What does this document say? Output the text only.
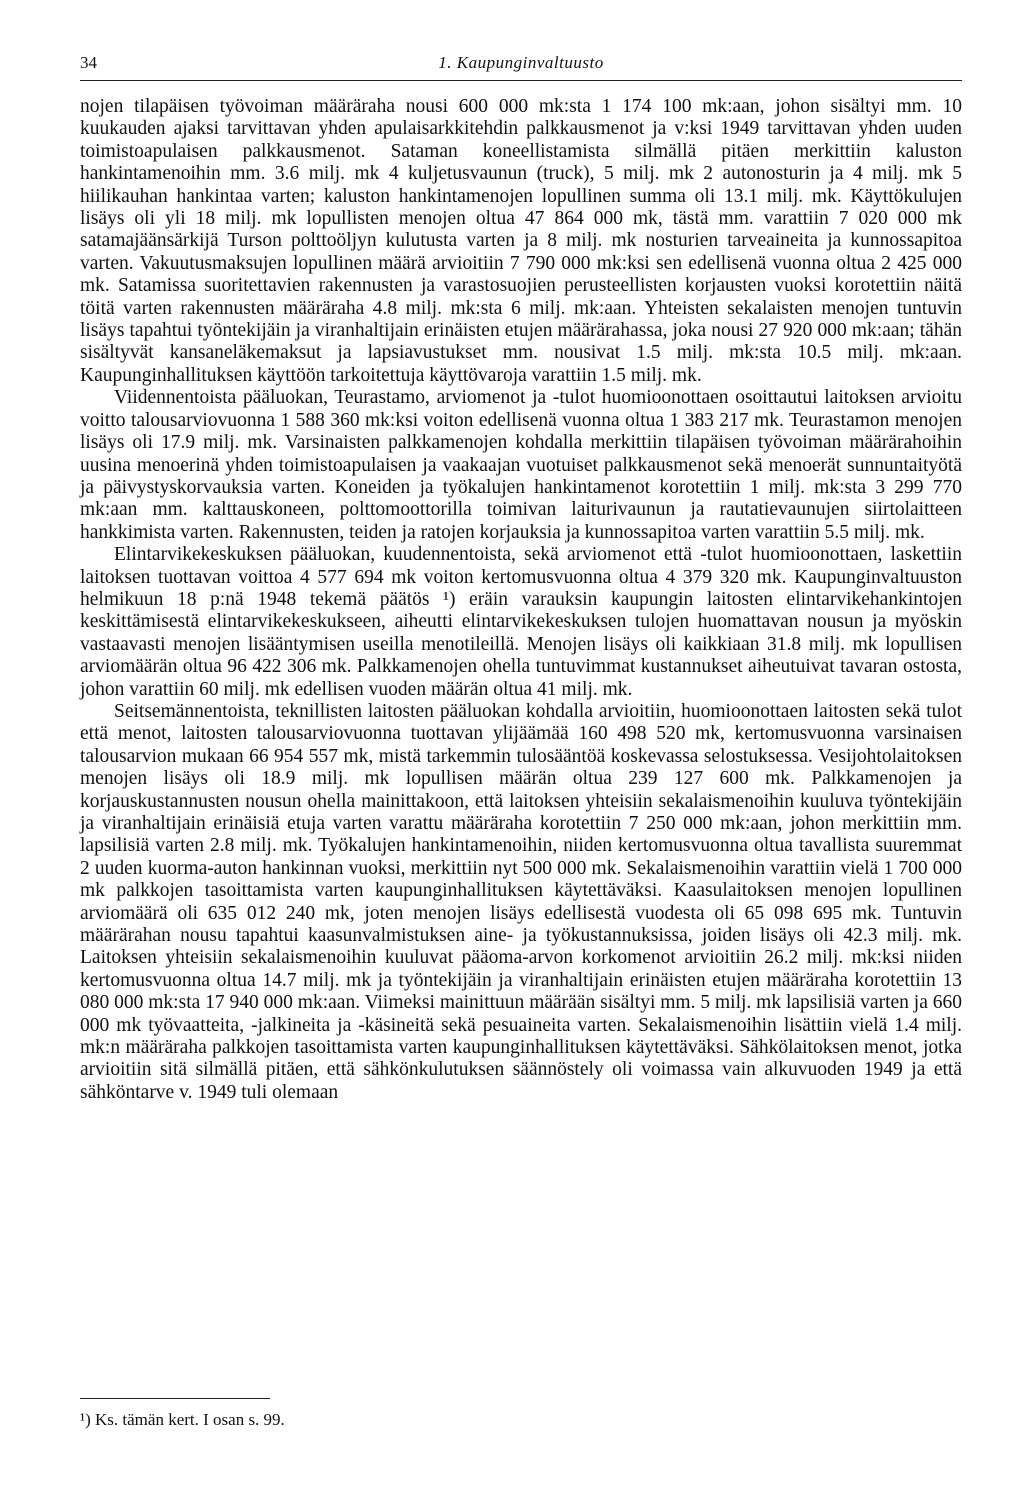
34	1. Kaupunginvaltuusto

nojen tilapäisen työvoiman määräraha nousi 600 000 mk:sta 1 174 100 mk:aan, johon sisältyi mm. 10 kuukauden ajaksi tarvittavan yhden apulaisarkkitehdin palkkausmenot ja v:ksi 1949 tarvittavan yhden uuden toimistoapulaisen palkkausmenot. Sataman koneellistamista silmällä pitäen merkittiin kaluston hankintamenoihin mm. 3.6 milj. mk 4 kuljetusvaunun (truck), 5 milj. mk 2 autonosturin ja 4 milj. mk 5 hiilikauhan hankintaa varten; kaluston hankintamenojen lopullinen summa oli 13.1 milj. mk. Käyttökulujen lisäys oli yli 18 milj. mk lopullisten menojen oltua 47 864 000 mk, tästä mm. varattiin 7 020 000 mk satamajäänsärkijä Turson polttoöljyn kulutusta varten ja 8 milj. mk nosturien tarveaineita ja kunnossapitoa varten. Vakuutusmaksujen lopullinen määrä arvioitiin 7 790 000 mk:ksi sen edellisenä vuonna oltua 2 425 000 mk. Satamissa suoritettavien rakennusten ja varastosuojien perusteellisten korjausten vuoksi korotettiin näitä töitä varten rakennusten määräraha 4.8 milj. mk:sta 6 milj. mk:aan. Yhteisten sekalaisten menojen tuntuvin lisäys tapahtui työntekijäin ja viranhaltijain erinäisten etujen määrärahassa, joka nousi 27 920 000 mk:aan; tähän sisältyvät kansaneläkemaksut ja lapsiavustukset mm. nousivat 1.5 milj. mk:sta 10.5 milj. mk:aan. Kaupunginhallituksen käyttöön tarkoitettuja käyttövaroja varattiin 1.5 milj. mk.

Viidennentoista pääluokan, Teurastamo, arviomenot ja -tulot huomioonottaen osoittautui laitoksen arvioitu voitto talousarviovuonna 1 588 360 mk:ksi voiton edellisenä vuonna oltua 1 383 217 mk. Teurastamon menojen lisäys oli 17.9 milj. mk. Varsinaisten palkkamenojen kohdalla merkittiin tilapäisen työvoiman määrärahoihin uusina menoerinä yhden toimistoapulaisen ja vaakaajan vuotuiset palkkausmenot sekä menoerät sunnuntaityötä ja päivystyskorvauksia varten. Koneiden ja työkalujen hankintamenot korotettiin 1 milj. mk:sta 3 299 770 mk:aan mm. kalttauskoneen, polttomoottorilla toimivan laiturivaunun ja rautatievaunujen siirtolaitteen hankkimista varten. Rakennusten, teiden ja ratojen korjauksia ja kunnossapitoa varten varattiin 5.5 milj. mk.

Elintarvikekeskuksen pääluokan, kuudennentoista, sekä arviomenot että -tulot huomioonottaen, laskettiin laitoksen tuottavan voittoa 4 577 694 mk voiton kertomusvuonna oltua 4 379 320 mk. Kaupunginvaltuuston helmikuun 18 p:nä 1948 tekemä päätös ¹) eräin varauksin kaupungin laitosten elintarvikehankintojen keskittämisestä elintarvikekeskukseen, aiheutti elintarvikekeskuksen tulojen huomattavan nousun ja myöskin vastaavasti menojen lisääntymisen useilla menotileillä. Menojen lisäys oli kaikkiaan 31.8 milj. mk lopullisen arviomäärän oltua 96 422 306 mk. Palkkamenojen ohella tuntuvimmat kustannukset aiheutuivat tavaran ostosta, johon varattiin 60 milj. mk edellisen vuoden määrän oltua 41 milj. mk.

Seitsemännentoista, teknillisten laitosten pääluokan kohdalla arvioitiin, huomioonottaen laitosten sekä tulot että menot, laitosten talousarviovuonna tuottavan ylijäämää 160 498 520 mk, kertomusvuonna varsinaisen talousarvion mukaan 66 954 557 mk, mistä tarkemmin tulosääntöä koskevassa selostuksessa. Vesijohtolaitoksen menojen lisäys oli 18.9 milj. mk lopullisen määrän oltua 239 127 600 mk. Palkkamenojen ja korjauskustannusten nousun ohella mainittakoon, että laitoksen yhteisiin sekalaismenoihin kuuluva työntekijäin ja viranhaltijain erinäisiä etuja varten varattu määräraha korotettiin 7 250 000 mk:aan, johon merkittiin mm. lapsilisiä varten 2.8 milj. mk. Työkalujen hankintamenoihin, niiden kertomusvuonna oltua tavallista suuremmat 2 uuden kuorma-auton hankinnan vuoksi, merkittiin nyt 500 000 mk. Sekalaismenoihin varattiin vielä 1 700 000 mk palkkojen tasoittamista varten kaupunginhallituksen käytettäväksi. Kaasulaitoksen menojen lopullinen arviomäärä oli 635 012 240 mk, joten menojen lisäys edellisestä vuodesta oli 65 098 695 mk. Tuntuvin määrärahan nousu tapahtui kaasunvalmistuksen aine- ja työkustannuksissa, joiden lisäys oli 42.3 milj. mk. Laitoksen yhteisiin sekalaismenoihin kuuluvat pääoma-arvon korkomenot arvioitiin 26.2 milj. mk:ksi niiden kertomusvuonna oltua 14.7 milj. mk ja työntekijäin ja viranhaltijain erinäisten etujen määräraha korotettiin 13 080 000 mk:sta 17 940 000 mk:aan. Viimeksi mainittuun määrään sisältyi mm. 5 milj. mk lapsilisiä varten ja 660 000 mk työvaatteita, -jalkineita ja -käsineitä sekä pesuaineita varten. Sekalaismenoihin lisättiin vielä 1.4 milj. mk:n määräraha palkkojen tasoittamista varten kaupunginhallituksen käytettäväksi. Sähkölaitoksen menot, jotka arvioitiin sitä silmällä pitäen, että sähkönkulutuksen säännöstely oli voimassa vain alkuvuoden 1949 ja että sähköntarve v. 1949 tuli olemaan

¹) Ks. tämän kert. I osan s. 99.
